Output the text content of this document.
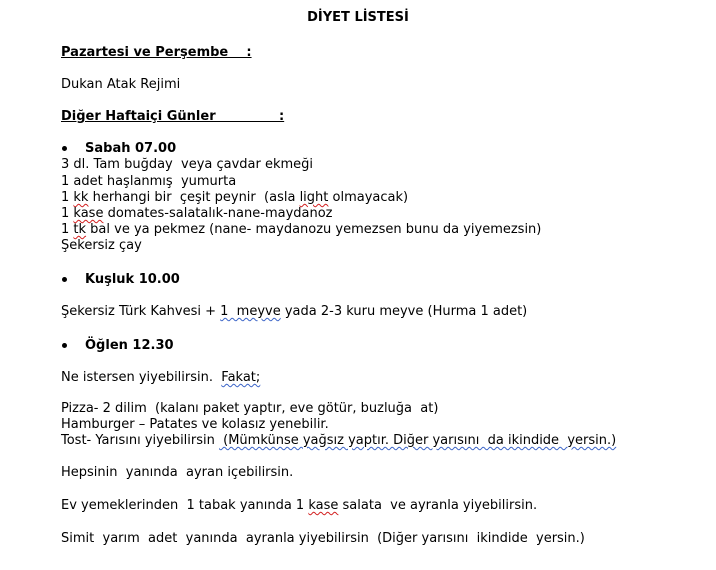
DİYET LİSTESİ
Pazartesi ve Perşembe    :
Dukan Atak Rejimi
Diğer Haftaiçi Günler              :
Sabah 07.00
3 dl. Tam buğday  veya çavdar ekmeği
1 adet haşlanmış  yumurta
1 kk herhangi bir  çeşit peynir  (asla light olmayacak)
1 kase domates-salatalık-nane-maydanoz
1 tk bal ve ya pekmez (nane- maydanozu yemezsen bunu da yiyemezsin)
Şekersiz çay
Kuşluk 10.00
Şekersiz Türk Kahvesi + 1  meyve yada 2-3 kuru meyve (Hurma 1 adet)
Öğlen 12.30
Ne istersen yiyebilirsin.  Fakat;
Pizza- 2 dilim  (kalanı paket yaptır, eve götür, buzluğa  at)
Hamburger – Patates ve kolasız yenebilir.
Tost- Yarısını yiyebilirsin  (Mümkünse yağsız yaptır. Diğer yarısını  da ikindide  yersin.)
Hepsinin  yanında  ayran içebilirsin.
Ev yemeklerinden  1 tabak yanında 1 kase salata  ve ayranla yiyebilirsin.
Simit  yarım  adet  yanında  ayranla yiyebilirsin  (Diğer yarısını  ikindide  yersin.)
